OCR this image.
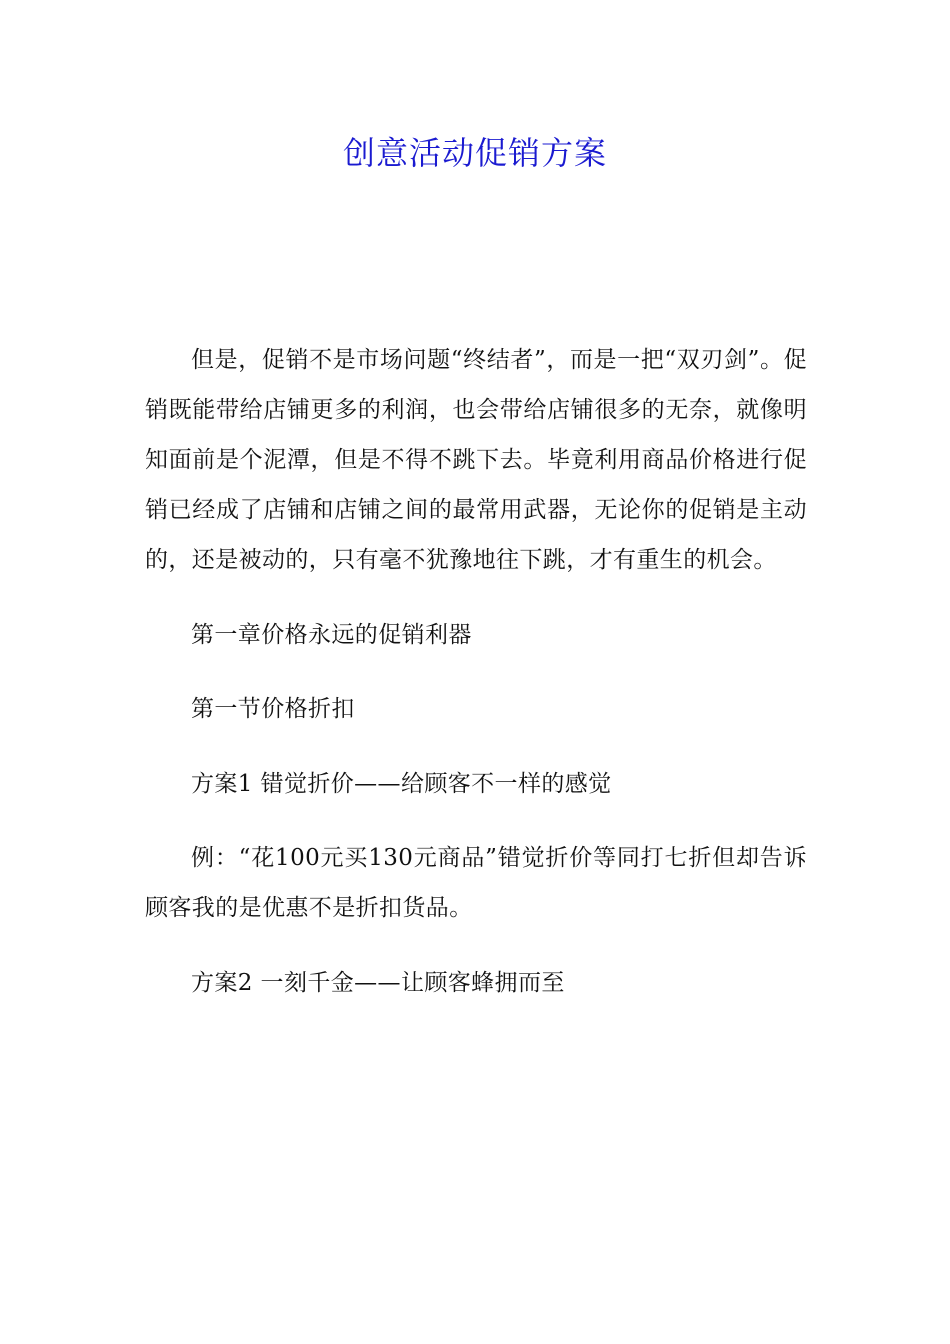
创意活动促销方案

但是，促销不是市场问题“终结者”，而是一把“双刃剑”。促销既能带给店铺更多的利润，也会带给店铺很多的无奈，就像明知面前是个泥潭，但是不得不跳下去。毕竟利用商品价格进行促销已经成了店铺和店铺之间的最常用武器，无论你的促销是主动的，还是被动的，只有毫不犹豫地往下跳，才有重生的机会。

第一章价格永远的促销利器

第一节价格折扣

方案1 错觉折价——给顾客不一样的感觉

例：“花100元买130元商品”错觉折价等同打七折但却告诉顾客我的是优惠不是折扣货品。

方案2 一刻千金——让顾客蜂拥而至
